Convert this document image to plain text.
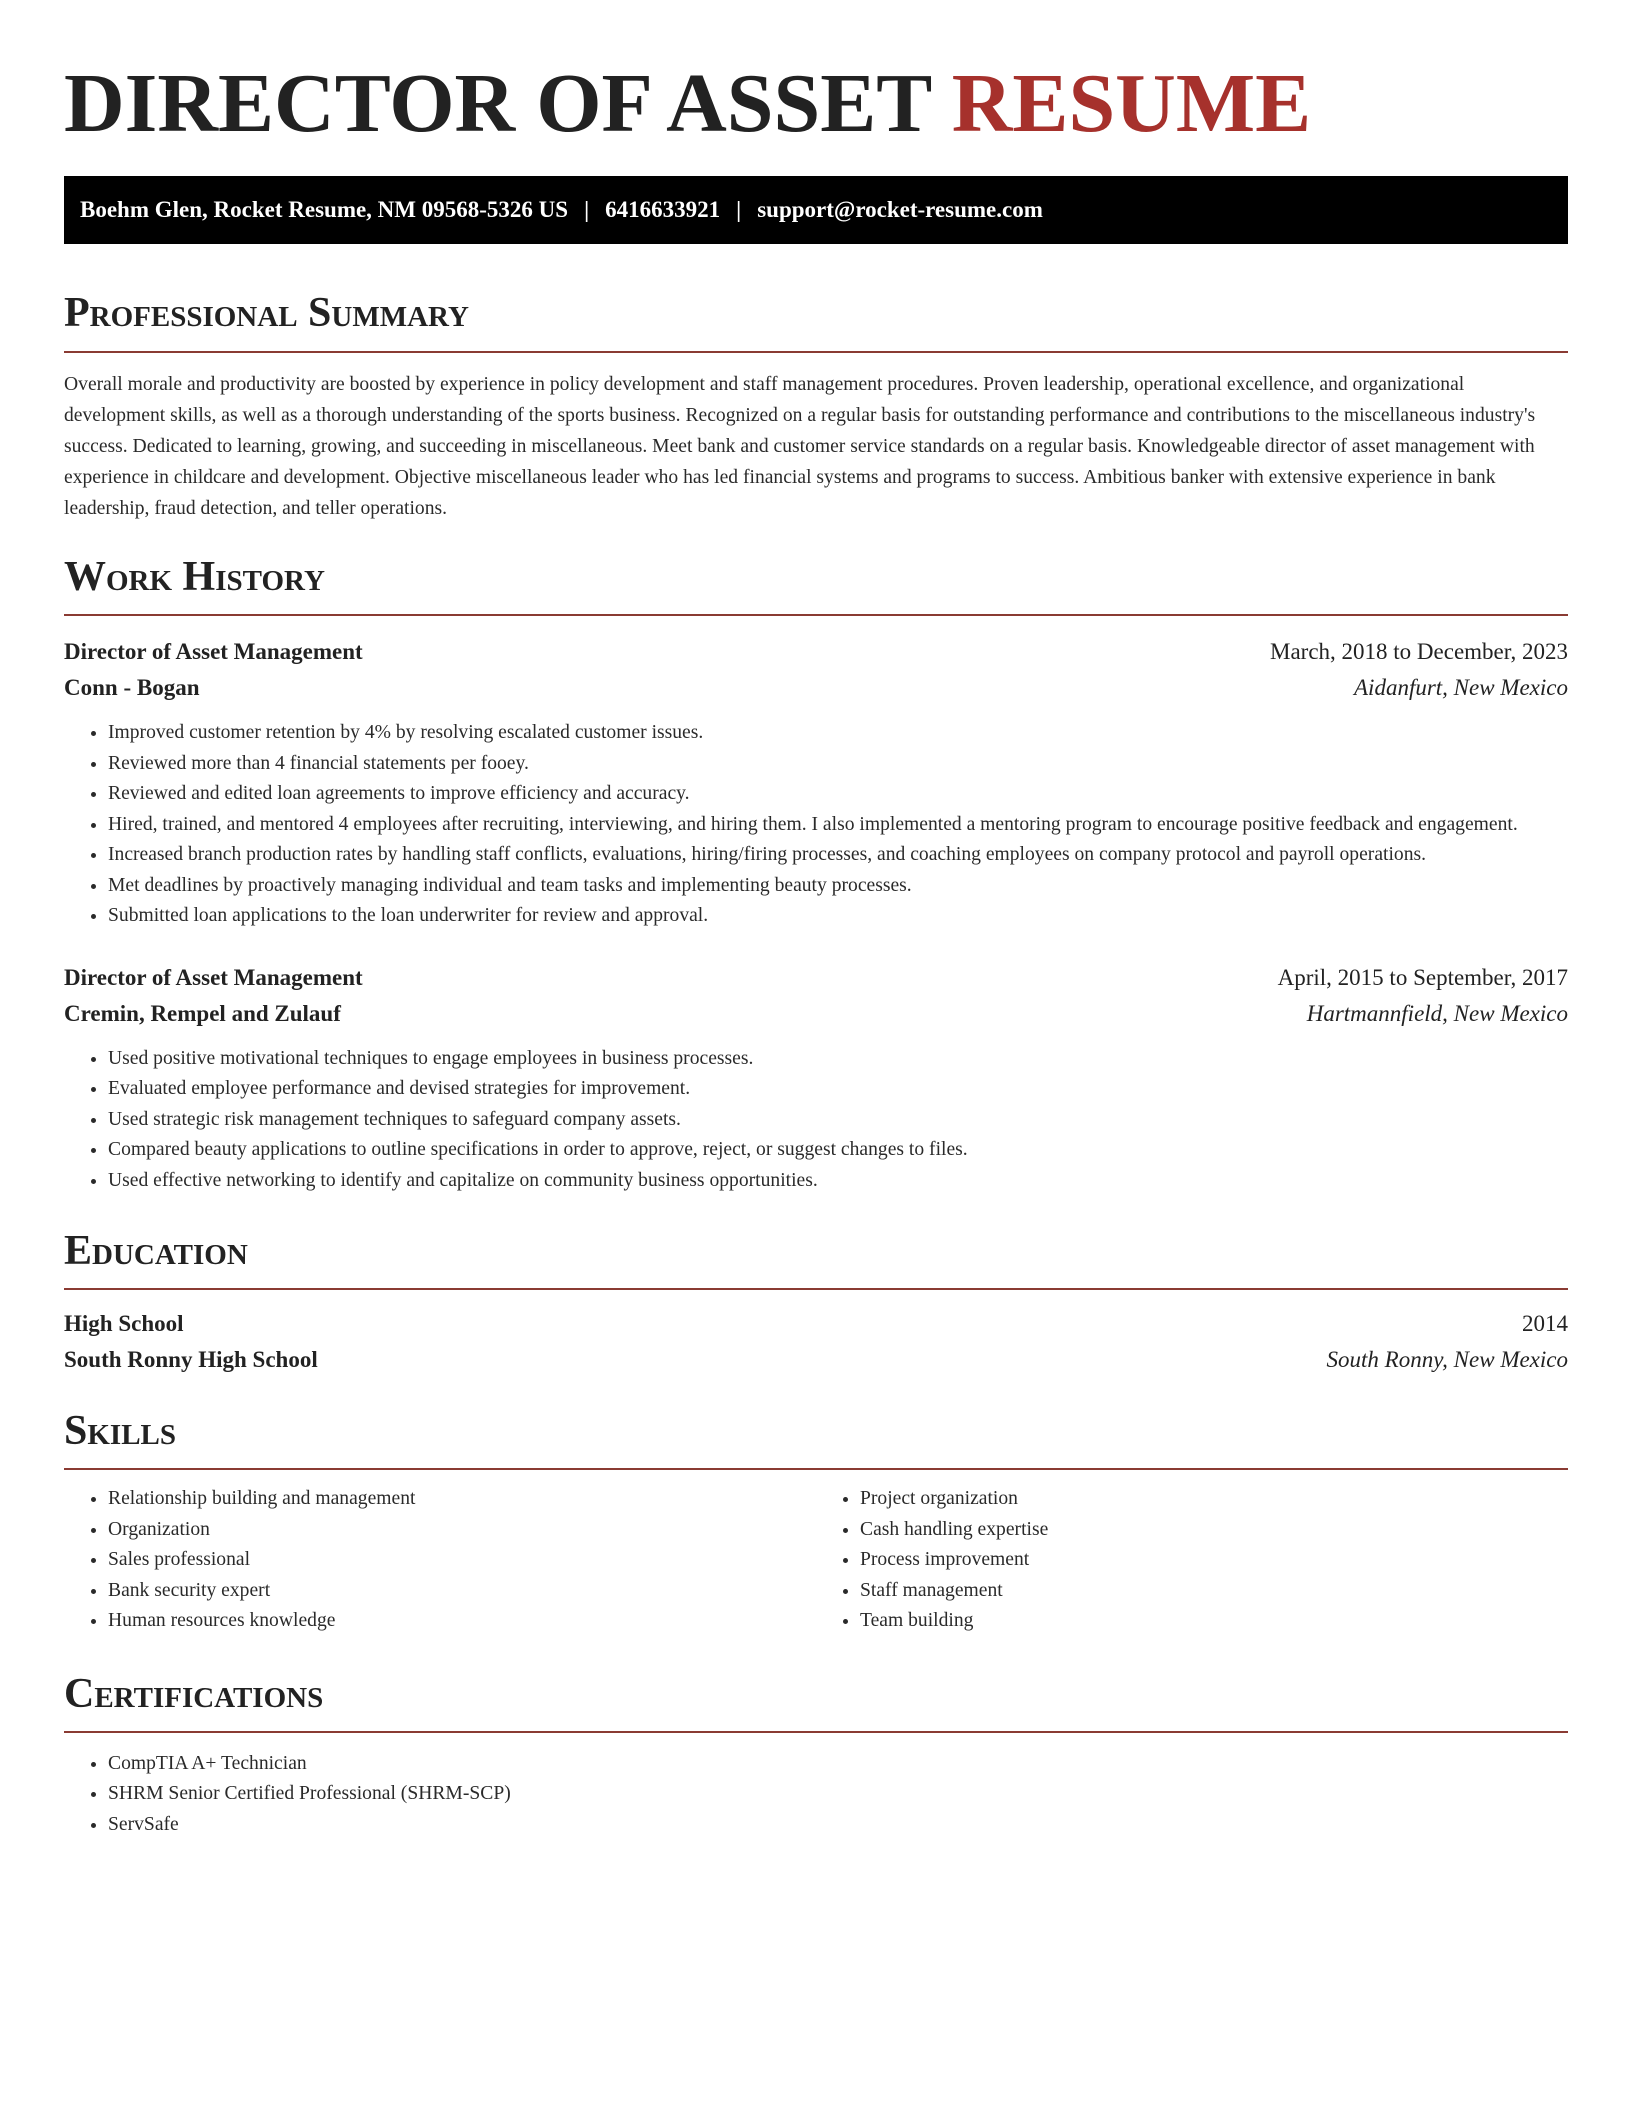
DIRECTOR OF ASSET RESUME
Boehm Glen, Rocket Resume, NM 09568-5326 US | 6416633921 | support@rocket-resume.com
Professional Summary

Overall morale and productivity are boosted by experience in policy development and staff management procedures. Proven leadership, operational excellence, and organizational development skills, as well as a thorough understanding of the sports business. Recognized on a regular basis for outstanding performance and contributions to the miscellaneous industry's success. Dedicated to learning, growing, and succeeding in miscellaneous. Meet bank and customer service standards on a regular basis. Knowledgeable director of asset management with experience in childcare and development. Objective miscellaneous leader who has led financial systems and programs to success. Ambitious banker with extensive experience in bank leadership, fraud detection, and teller operations.

Work History
Director of Asset Management	March, 2018 to December, 2023
Conn - Bogan	Aidanfurt, New Mexico
• Improved customer retention by 4% by resolving escalated customer issues.
• Reviewed more than 4 financial statements per fooey.
• Reviewed and edited loan agreements to improve efficiency and accuracy.
• Hired, trained, and mentored 4 employees after recruiting, interviewing, and hiring them. I also implemented a mentoring program to encourage positive feedback and engagement.
• Increased branch production rates by handling staff conflicts, evaluations, hiring/firing processes, and coaching employees on company protocol and payroll operations.
• Met deadlines by proactively managing individual and team tasks and implementing beauty processes.
• Submitted loan applications to the loan underwriter for review and approval.
Director of Asset Management	April, 2015 to September, 2017
Cremin, Rempel and Zulauf	Hartmannfield, New Mexico
• Used positive motivational techniques to engage employees in business processes.
• Evaluated employee performance and devised strategies for improvement.
• Used strategic risk management techniques to safeguard company assets.
• Compared beauty applications to outline specifications in order to approve, reject, or suggest changes to files.
• Used effective networking to identify and capitalize on community business opportunities.
Education
High School	2014
South Ronny High School	South Ronny, New Mexico
Skills
• Relationship building and management
• Organization
• Sales professional
• Bank security expert
• Human resources knowledge
• Project organization
• Cash handling expertise
• Process improvement
• Staff management
• Team building
Certifications
• CompTIA A+ Technician
• SHRM Senior Certified Professional (SHRM-SCP)
• ServSafe
